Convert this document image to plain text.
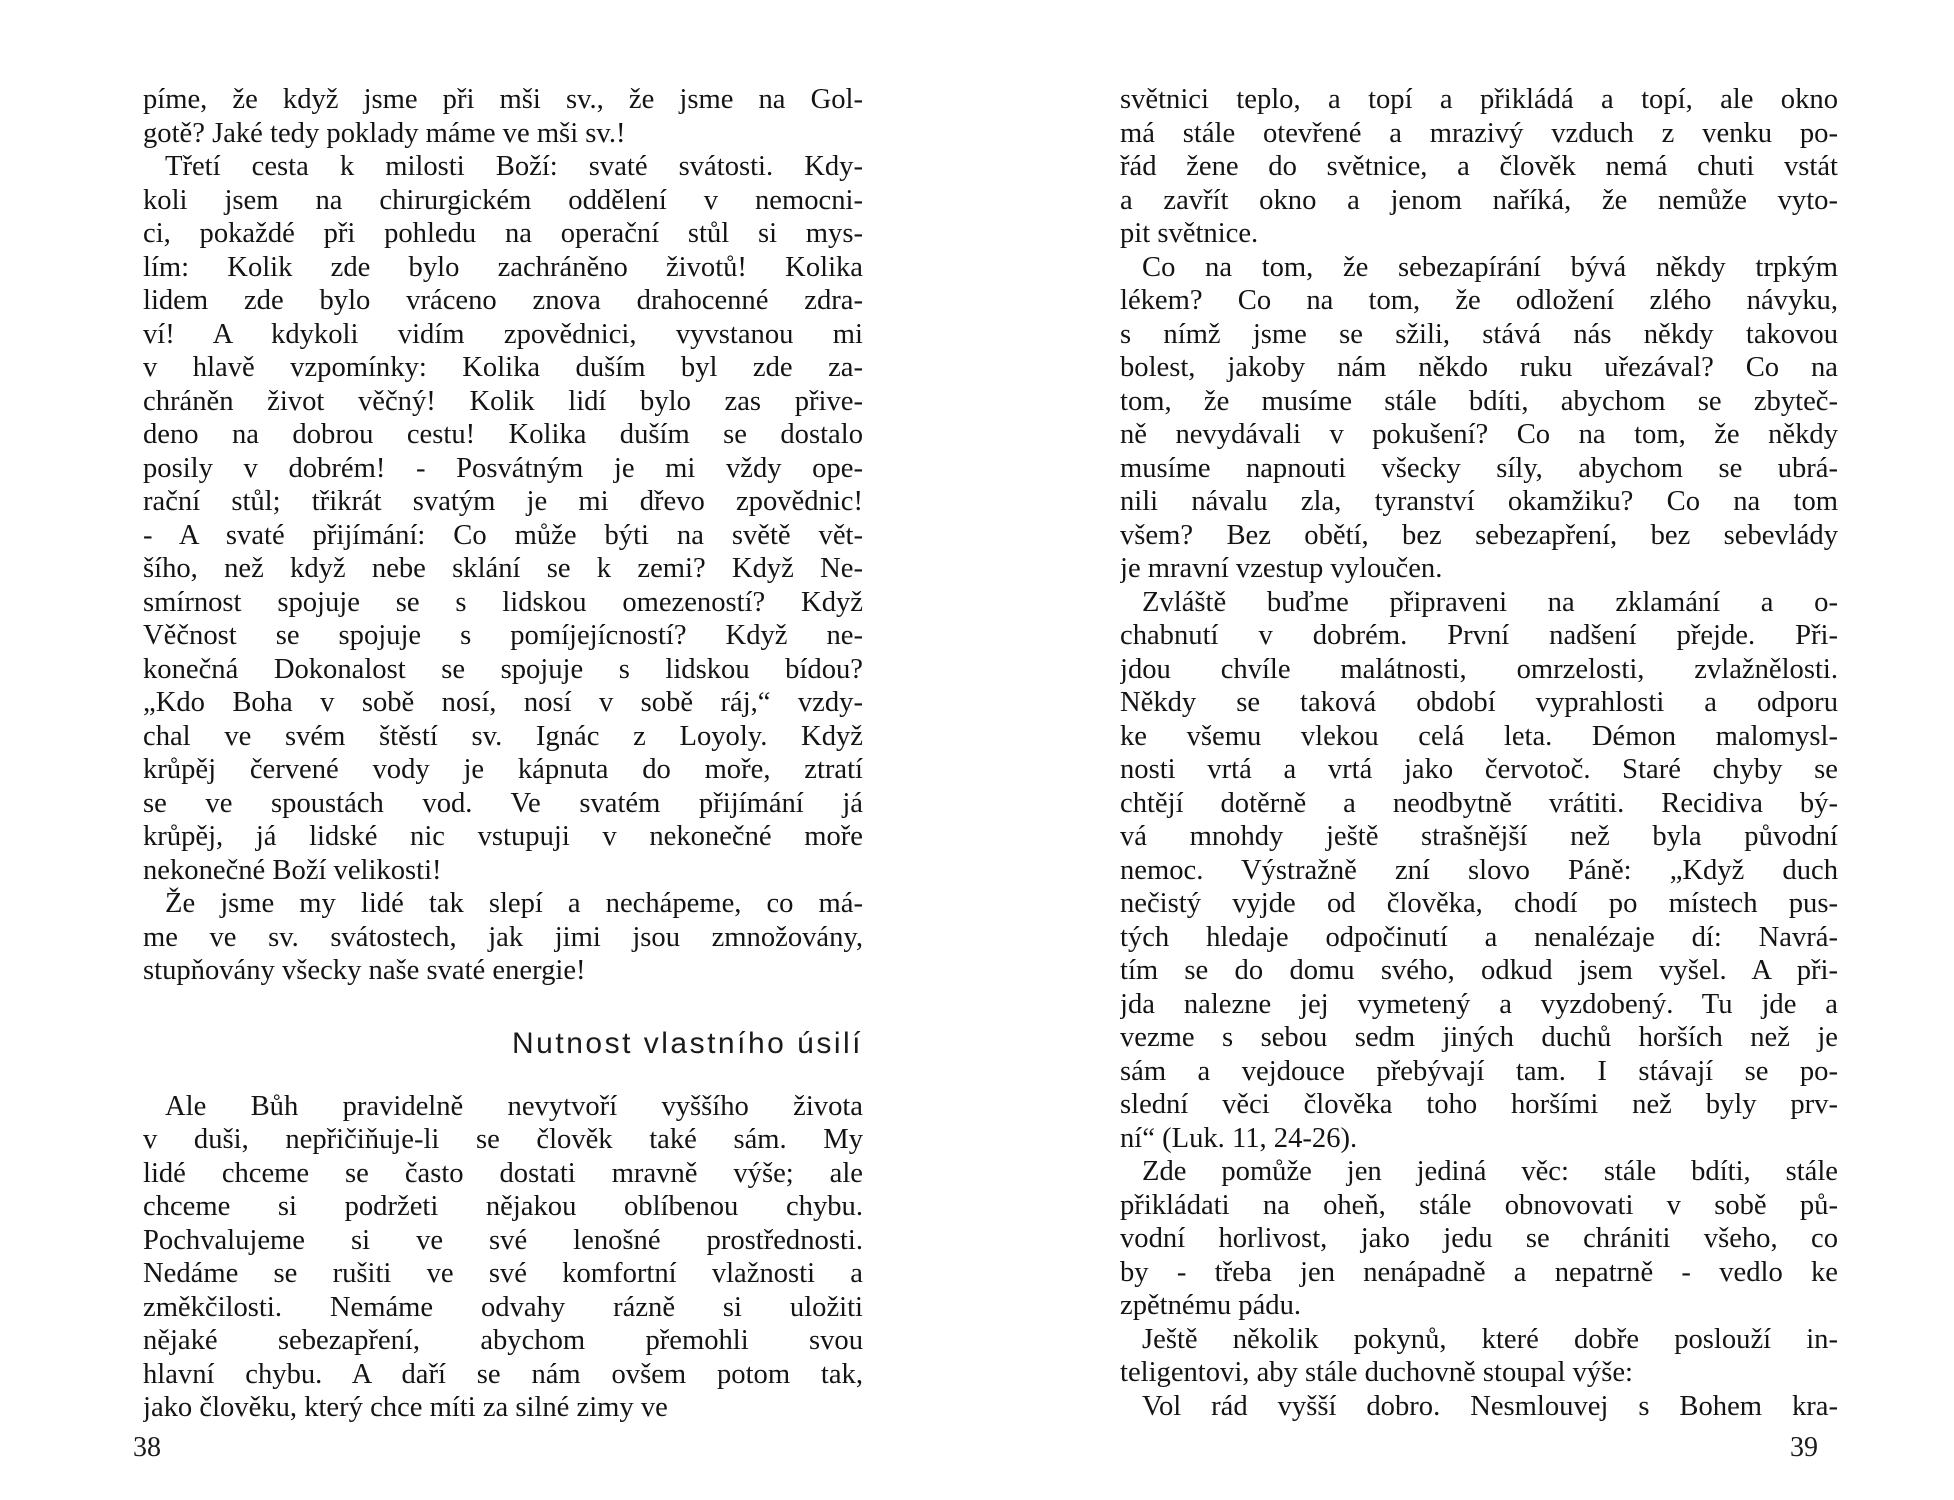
píme, že když jsme při mši sv., že jsme na Gol-
gotě? Jaké tedy poklady máme ve mši sv.!
Třetí cesta k milosti Boží: svaté svátosti. Kdy-
koli jsem na chirurgickém oddělení v nemocni-
ci, pokaždé při pohledu na operační stůl si mys-
lím: Kolik zde bylo zachráněno životů! Kolika
lidem zde bylo vráceno znova drahocenné zdra-
ví! A kdykoli vidím zpovědnici, vyvstanou mi
v hlavě vzpomínky: Kolika duším byl zde za-
chráněn život věčný! Kolik lidí bylo zas přive-
deno na dobrou cestu! Kolika duším se dostalo
posily v dobrém! - Posvátným je mi vždy ope-
rační stůl; třikrát svatým je mi dřevo zpovědnic!
- A svaté přijímání: Co může býti na světě vět-
šího, než když nebe sklání se k zemi? Když Ne-
smírnost spojuje se s lidskou omezeností? Když
Věčnost se spojuje s pomíjejícností? Když ne-
konečná Dokonalost se spojuje s lidskou bídou?
„Kdo Boha v sobě nosí, nosí v sobě ráj,“ vzdy-
chal ve svém štěstí sv. Ignác z Loyoly. Když
krůpěj červené vody je kápnuta do moře, ztratí
se ve spoustách vod. Ve svatém přijímání já
krůpěj, já lidské nic vstupuji v nekonečné moře
nekonečné Boží velikosti!
Že jsme my lidé tak slepí a nechápeme, co má-
me ve sv. svátostech, jak jimi jsou zmnožovány,
stupňovány všecky naše svaté energie!
Nutnost vlastního úsilí
Ale Bůh pravidelně nevytvoří vyššího života
v duši, nepřičiňuje-li se člověk také sám. My
lidé chceme se často dostati mravně výše; ale
chceme si podržeti nějakou oblíbenou chybu.
Pochvalujeme si ve své lenošné prostřednosti.
Nedáme se rušiti ve své komfortní vlažnosti a
změkčilosti. Nemáme odvahy rázně si uložiti
nějaké sebezapření, abychom přemohli svou
hlavní chybu. A daří se nám ovšem potom tak,
jako člověku, který chce míti za silné zimy ve
38
světnici teplo, a topí a přikládá a topí, ale okno
má stále otevřené a mrazivý vzduch z venku po-
řád žene do světnice, a člověk nemá chuti vstát
a zavřít okno a jenom naříká, že nemůže vyto-
pit světnice.
Co na tom, že sebezapírání bývá někdy trpkým
lékem? Co na tom, že odložení zlého návyku,
s nímž jsme se sžili, stává nás někdy takovou
bolest, jakoby nám někdo ruku uřezával? Co na
tom, že musíme stále bdíti, abychom se zbyteč-
ně nevydávali v pokušení? Co na tom, že někdy
musíme napnouti všecky síly, abychom se ubrá-
nili návalu zla, tyranství okamžiku? Co na tom
všem? Bez obětí, bez sebezapření, bez sebevlády
je mravní vzestup vyloučen.
Zvláště buďme připraveni na zklamání a o-
chabnutí v dobrém. První nadšení přejde. Při-
jdou chvíle malátnosti, omrzelosti, zvlažnělosti.
Někdy se taková období vyprahlosti a odporu
ke všemu vlekou celá leta. Démon malomysl-
nosti vrtá a vrtá jako červotoč. Staré chyby se
chtějí dotěrně a neodbytně vrátiti. Recidiva bý-
vá mnohdy ještě strašnější než byla původní
nemoc. Výstražně zní slovo Páně: „Když duch
nečistý vyjde od člověka, chodí po místech pus-
tých hledaje odpočinutí a nenalézaje dí: Navrá-
tím se do domu svého, odkud jsem vyšel. A při-
jda nalezne jej vymetený a vyzdobený. Tu jde a
vezme s sebou sedm jiných duchů horších než je
sám a vejdouce přebývají tam. I stávají se po-
slední věci člověka toho horšími než byly prv-
ní“ (Luk. 11, 24-26).
Zde pomůže jen jediná věc: stále bdíti, stále
přikládati na oheň, stále obnovovati v sobě pů-
vodní horlivost, jako jedu se chrániti všeho, co
by - třeba jen nenápadně a nepatrně - vedlo ke
zpětnému pádu.
Ještě několik pokynů, které dobře poslouží in-
teligentovi, aby stále duchovně stoupal výše:
Vol rád vyšší dobro. Nesmlouvej s Bohem kra-
39
